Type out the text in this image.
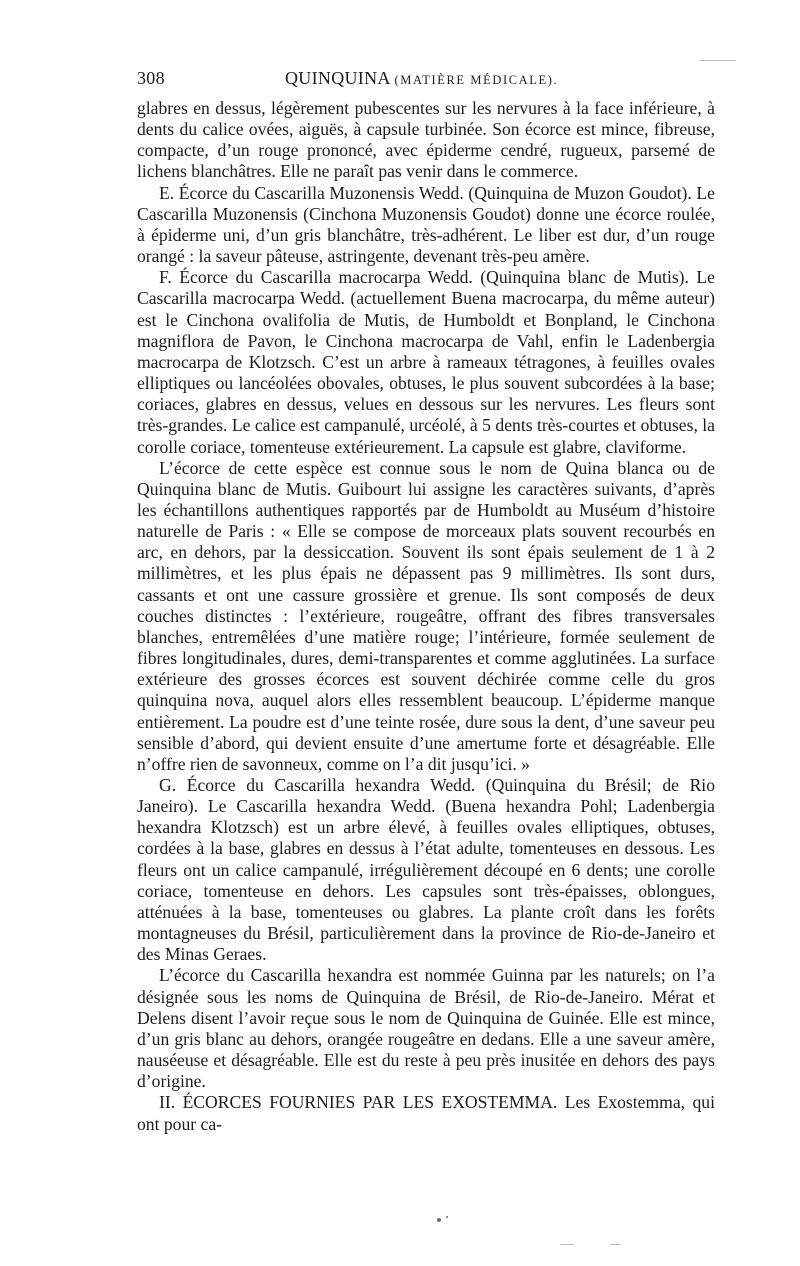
308	QUINQUINA (MATIÈRE MÉDICALE).

glabres en dessus, légèrement pubescentes sur les nervures à la face inférieure, à dents du calice ovées, aiguës, à capsule turbinée. Son écorce est mince, fibreuse, compacte, d’un rouge prononcé, avec épiderme cendré, rugueux, parsemé de lichens blanchâtres. Elle ne paraît pas venir dans le commerce.

E. Écorce du Cascarilla Muzonensis Wedd. (Quinquina de Muzon Goudot). Le Cascarilla Muzonensis (Cinchona Muzonensis Goudot) donne une écorce roulée, à épiderme uni, d’un gris blanchâtre, très-adhérent. Le liber est dur, d’un rouge orangé : la saveur pâteuse, astringente, devenant très-peu amère.

F. Écorce du Cascarilla macrocarpa Wedd. (Quinquina blanc de Mutis). Le Cascarilla macrocarpa Wedd. (actuellement Buena macrocarpa, du même auteur) est le Cinchona ovalifolia de Mutis, de Humboldt et Bonpland, le Cinchona magniflora de Pavon, le Cinchona macrocarpa de Vahl, enfin le Ladenbergia macrocarpa de Klotzsch. C’est un arbre à rameaux tétragones, à feuilles ovales elliptiques ou lancéolées obovales, obtuses, le plus souvent subcordées à la base; coriaces, glabres en dessus, velues en dessous sur les nervures. Les fleurs sont très-grandes. Le calice est campanulé, urcéolé, à 5 dents très-courtes et obtuses, la corolle coriace, tomenteuse extérieurement. La capsule est glabre, claviforme.

L’écorce de cette espèce est connue sous le nom de Quina blanca ou de Quinquina blanc de Mutis. Guibourt lui assigne les caractères suivants, d’après les échantillons authentiques rapportés par de Humboldt au Muséum d’histoire naturelle de Paris : « Elle se compose de morceaux plats souvent recourbés en arc, en dehors, par la dessiccation. Souvent ils sont épais seulement de 1 à 2 millimètres, et les plus épais ne dépassent pas 9 millimètres. Ils sont durs, cassants et ont une cassure grossière et grenue. Ils sont composés de deux couches distinctes : l’extérieure, rougeâtre, offrant des fibres transversales blanches, entremêlées d’une matière rouge; l’intérieure, formée seulement de fibres longitudinales, dures, demi-transparentes et comme agglutinées. La surface extérieure des grosses écorces est souvent déchirée comme celle du gros quinquina nova, auquel alors elles ressemblent beaucoup. L’épiderme manque entièrement. La poudre est d’une teinte rosée, dure sous la dent, d’une saveur peu sensible d’abord, qui devient ensuite d’une amertume forte et désagréable. Elle n’offre rien de savonneux, comme on l’a dit jusqu’ici. »

G. Écorce du Cascarilla hexandra Wedd. (Quinquina du Brésil; de Rio Janeiro). Le Cascarilla hexandra Wedd. (Buena hexandra Pohl; Ladenbergia hexandra Klotzsch) est un arbre élevé, à feuilles ovales elliptiques, obtuses, cordées à la base, glabres en dessus à l’état adulte, tomenteuses en dessous. Les fleurs ont un calice campanulé, irrégulièrement découpé en 6 dents; une corolle coriace, tomenteuse en dehors. Les capsules sont très-épaisses, oblongues, atténuées à la base, tomenteuses ou glabres. La plante croît dans les forêts montagneuses du Brésil, particulièrement dans la province de Rio-de-Janeiro et des Minas Geraes.

L’écorce du Cascarilla hexandra est nommée Guinna par les naturels; on l’a désignée sous les noms de Quinquina de Brésil, de Rio-de-Janeiro. Mérat et Delens disent l’avoir reçue sous le nom de Quinquina de Guinée. Elle est mince, d’un gris blanc au dehors, orangée rougeâtre en dedans. Elle a une saveur amère, nauséeuse et désagréable. Elle est du reste à peu près inusitée en dehors des pays d’origine.

II. ÉCORCES FOURNIES PAR LES EXOSTEMMA. Les Exostemma, qui ont pour ca-
